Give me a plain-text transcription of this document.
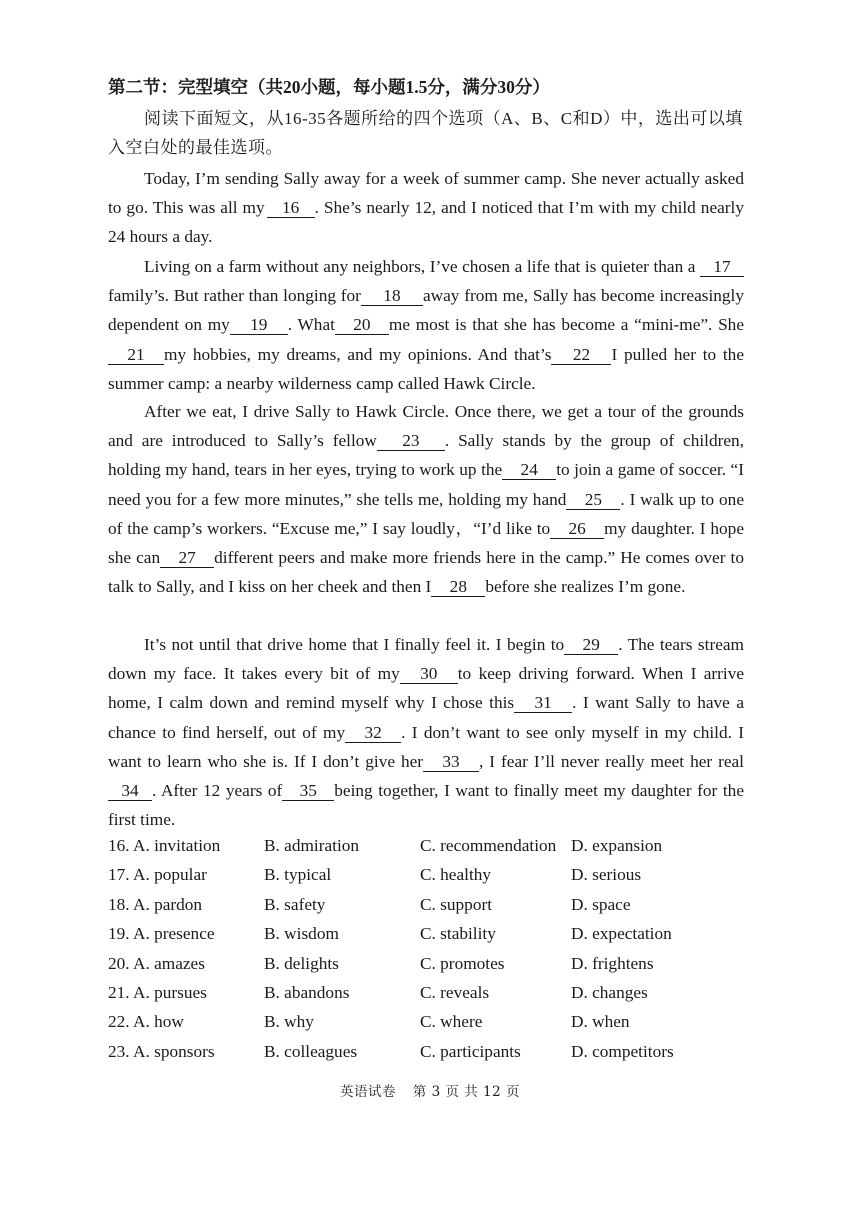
第二节：完型填空（共20小题，每小题1.5分，满分30分）
阅读下面短文，从16-35各题所给的四个选项（A、B、C和D）中，选出可以填入空白处的最佳选项。

Today, I’m sending Sally away for a week of summer camp. She never actually asked to go. This was all my 16 . She’s nearly 12, and I noticed that I’m with my child nearly 24 hours a day.

Living on a farm without any neighbors, I’ve chosen a life that is quieter than a 17family’s. But rather than longing for 18 away from me, Sally has become increasingly dependent on my 19 . What 20 me most is that she has become a “mini-me”. She21 my hobbies, my dreams, and my opinions. And that’s 22 I pulled her to the summer camp: a nearby wilderness camp called Hawk Circle.

After we eat, I drive Sally to Hawk Circle. Once there, we get a tour of the grounds and are introduced to Sally’s fellow 23 . Sally stands by the group of children, holding my hand, tears in her eyes, trying to work up the 24 to join a game of soccer. “I need you for a few more minutes,” she tells me, holding my hand 25 . I walk up to one of the camp’s workers. “Excuse me,” I say loudly，“I’d like to 26 my daughter. I hope she can 27 different peers and make more friends here in the camp.” He comes over to talk to Sally, and I kiss on her cheek and then I 28 before she realizes I’m gone.

It’s not until that drive home that I finally feel it. I begin to 29 . The tears stream down my face. It takes every bit of my 30 to keep driving forward. When I arrive home, I calm down and remind myself why I chose this 31 . I want Sally to have a chance to find herself, out of my 32 . I don’t want to see only myself in my child. I want to learn who she is. If I don’t give her 33 , I fear I’ll never really meet her real 34 . After 12 years of 35 being together, I want to finally meet my daughter for the first time.

16. A. invitation	B. admiration	C. recommendation D. expansion
17. A. popular	B. typical	C. healthy	D. serious
18. A. pardon	B. safety	C. support	D. space
19. A. presence	B. wisdom	C. stability	D. expectation
20. A. amazes	B. delights	C. promotes	D. frightens
21. A. pursues	B. abandons	C. reveals	D. changes
22. A. how	B. why	C. where	D. when
23. A. sponsors	B. colleagues	C. participants	D. competitors
英语试卷 第 3 页 共 12 页
